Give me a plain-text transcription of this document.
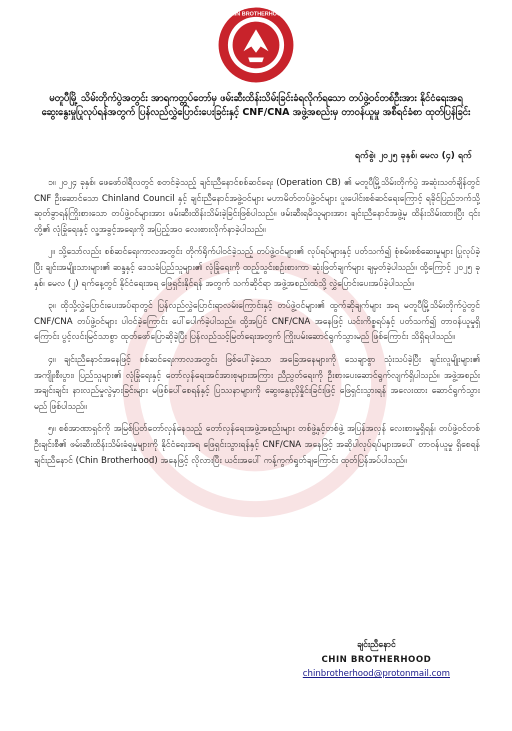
CHIN BROTHERHOOD
မတူပီမြို့ သိမ်းတိုက်ပွဲအတွင်း အာရကတ္တပ်တော်မှ ဖမ်းဆီးထိန်းသိမ်းခြင်းခံရလိုက်ရသော တပ်ဖွဲ့ဝင်တစ်ဦးအား နိုင်ငံရေးအရ ဆွေးနွေးမှုပြုလုပ်ရန်အတွက် ပြန်လည်လွှဲပြောင်းပေးခြင်းနှင့် CNF/CNA အဖွဲ့အစည်းမှ တာဝန်ယူမှု အစီရင်ခံစာ ထုတ်ပြန်ခြင်း
ရက်စွဲ၊ ၂၀၂၅ ခုနှစ်၊ မေလ (၄) ရက်

၁။ ၂၀၂၄ ခုနှစ်၊ ဖေဖော်ဝါရီလတွင် စတင်ခဲ့သည့် ချင်းညီနောင်စစ်ဆင်ရေး (Operation CB) ၏ မတူပီမြို့သိမ်းတိုက်ပွဲ အဆုံးသတ်ချိန်တွင် CNF ဦးဆောင်သော Chinland Council နှင့် ချင်းညီနောင်အဖွဲ့ဝင်များ မဟာမိတ်တပ်ဖွဲ့ဝင်များ ပူးပေါင်းစစ်ဆင်ရေးကြောင့် ရခိုင်ပြည်ဘက်သို့ ဆုတ်ခွာရန်ကြိုးစားသော တပ်ဖွဲ့ဝင်များအား ဖမ်းဆီးထိန်းသိမ်းခဲ့ခြင်းဖြစ်ပါသည်။ ဖမ်းဆီးရမိသူများအား ချင်းညီနောင်အဖွဲ့မှ ထိန်းသိမ်းထားပြီး ၎င်းတို့၏ လုံခြုံရေးနှင့် လူ့အခွင့်အရေးကို အပြည့်အဝ လေးစားလိုက်နာခဲ့ပါသည်။

၂။ သို့သော်လည်း စစ်ဆင်ရေးကာလအတွင်း တိုက်ရိုက်ပါဝင်ခဲ့သည့် တပ်ဖွဲ့ဝင်များ၏ လုပ်ရပ်များနှင့် ပတ်သက်၍ စုံစမ်းစစ်ဆေးမှုများ ပြုလုပ်ခဲ့ပြီး ချင်းအမျိုးသားများ၏ ဆန္ဒနှင့် ဒေသခံပြည်သူများ၏ လုံခြုံရေးကို ထည့်သွင်းစဉ်းစားကာ ဆုံးဖြတ်ချက်များ ချမှတ်ခဲ့ပါသည်။ ထို့ကြောင့် ၂၀၂၅ ခုနှစ်၊ မေလ (၂) ရက်နေ့တွင် နိုင်ငံရေးအရ ဖြေရှင်းနိုင်ရန် အတွက် သက်ဆိုင်ရာ အဖွဲ့အစည်းထံသို့ လွှဲပြောင်းပေးအပ်ခဲ့ပါသည်။

၃။ ထိုသို့လွှဲပြောင်းပေးအပ်ရာတွင် ပြန်လည်လွှဲပြောင်းရာလမ်းကြောင်းနှင့် တပ်ဖွဲ့ဝင်များ၏ ထွက်ဆိုချက်များ အရ မတူပီမြို့သိမ်းတိုက်ပွဲတွင် CNF/CNA တပ်ဖွဲ့ဝင်များ ပါဝင်ခဲ့ကြောင်း ပေါ်ပေါက်ခဲ့ပါသည်။ ထို့အပြင် CNF/CNA အနေဖြင့် ယင်းကိစ္စရပ်နှင့် ပတ်သက်၍ တာဝန်ယူမှုရှိကြောင်း ပွင့်လင်းမြင်သာစွာ ထုတ်ဖော်ပြောဆိုခဲ့ပြီး ပြန်လည်သင့်မြတ်ရေးအတွက် ကြိုးပမ်းဆောင်ရွက်သွားမည် ဖြစ်ကြောင်း သိရှိရပါသည်။

၄။ ချင်းညီနောင်အနေဖြင့် စစ်ဆင်ရေးကာလအတွင်း ဖြစ်ပေါ်ခဲ့သော အခြေအနေများကို သေချာစွာ သုံးသပ်ခဲ့ပြီး ချင်းလူမျိုးများ၏ အကျိုးစီးပွား၊ ပြည်သူများ၏ လုံခြုံရေးနှင့် တော်လှန်ရေးအင်အားစုများအကြား ညီညွတ်ရေးကို ဦးစားပေးဆောင်ရွက်လျက်ရှိပါသည်။ အဖွဲ့အစည်းအချင်းချင်း နားလည်မှုလွဲမှားခြင်းများ မဖြစ်ပေါ်စေရန်နှင့် ပြဿနာများကို ဆွေးနွေးညှိနှိုင်းခြင်းဖြင့် ဖြေရှင်းသွားရန် အလေးထား ဆောင်ရွက်သွားမည် ဖြစ်ပါသည်။

၅။ စစ်အာဏာရှင်ကို အမြစ်ပြတ်တော်လှန်နေသည့် တော်လှန်ရေးအဖွဲ့အစည်းများ တစ်ဖွဲ့နှင့်တစ်ဖွဲ့ အပြန်အလှန် လေးစားမှုရှိရန်၊ တပ်ဖွဲ့ဝင်တစ်ဦးချင်းစီ၏ ဖမ်းဆီးထိန်းသိမ်းခံရမှုများကို နိုင်ငံရေးအရ ဖြေရှင်းသွားရန်နှင့် CNF/CNA အနေဖြင့် အဆိုပါလုပ်ရပ်များအပေါ် တာဝန်ယူမှု ရှိစေရန် ချင်းညီနောင် (Chin Brotherhood) အနေဖြင့် လိုလားပြီး ယင်းအပေါ် ကန့်ကွက်ရှုတ်ချကြောင်း ထုတ်ပြန်အပ်ပါသည်။

ချင်းညီနောင်
CHIN BROTHERHOOD
chinbrotherhood@protonmail.com
